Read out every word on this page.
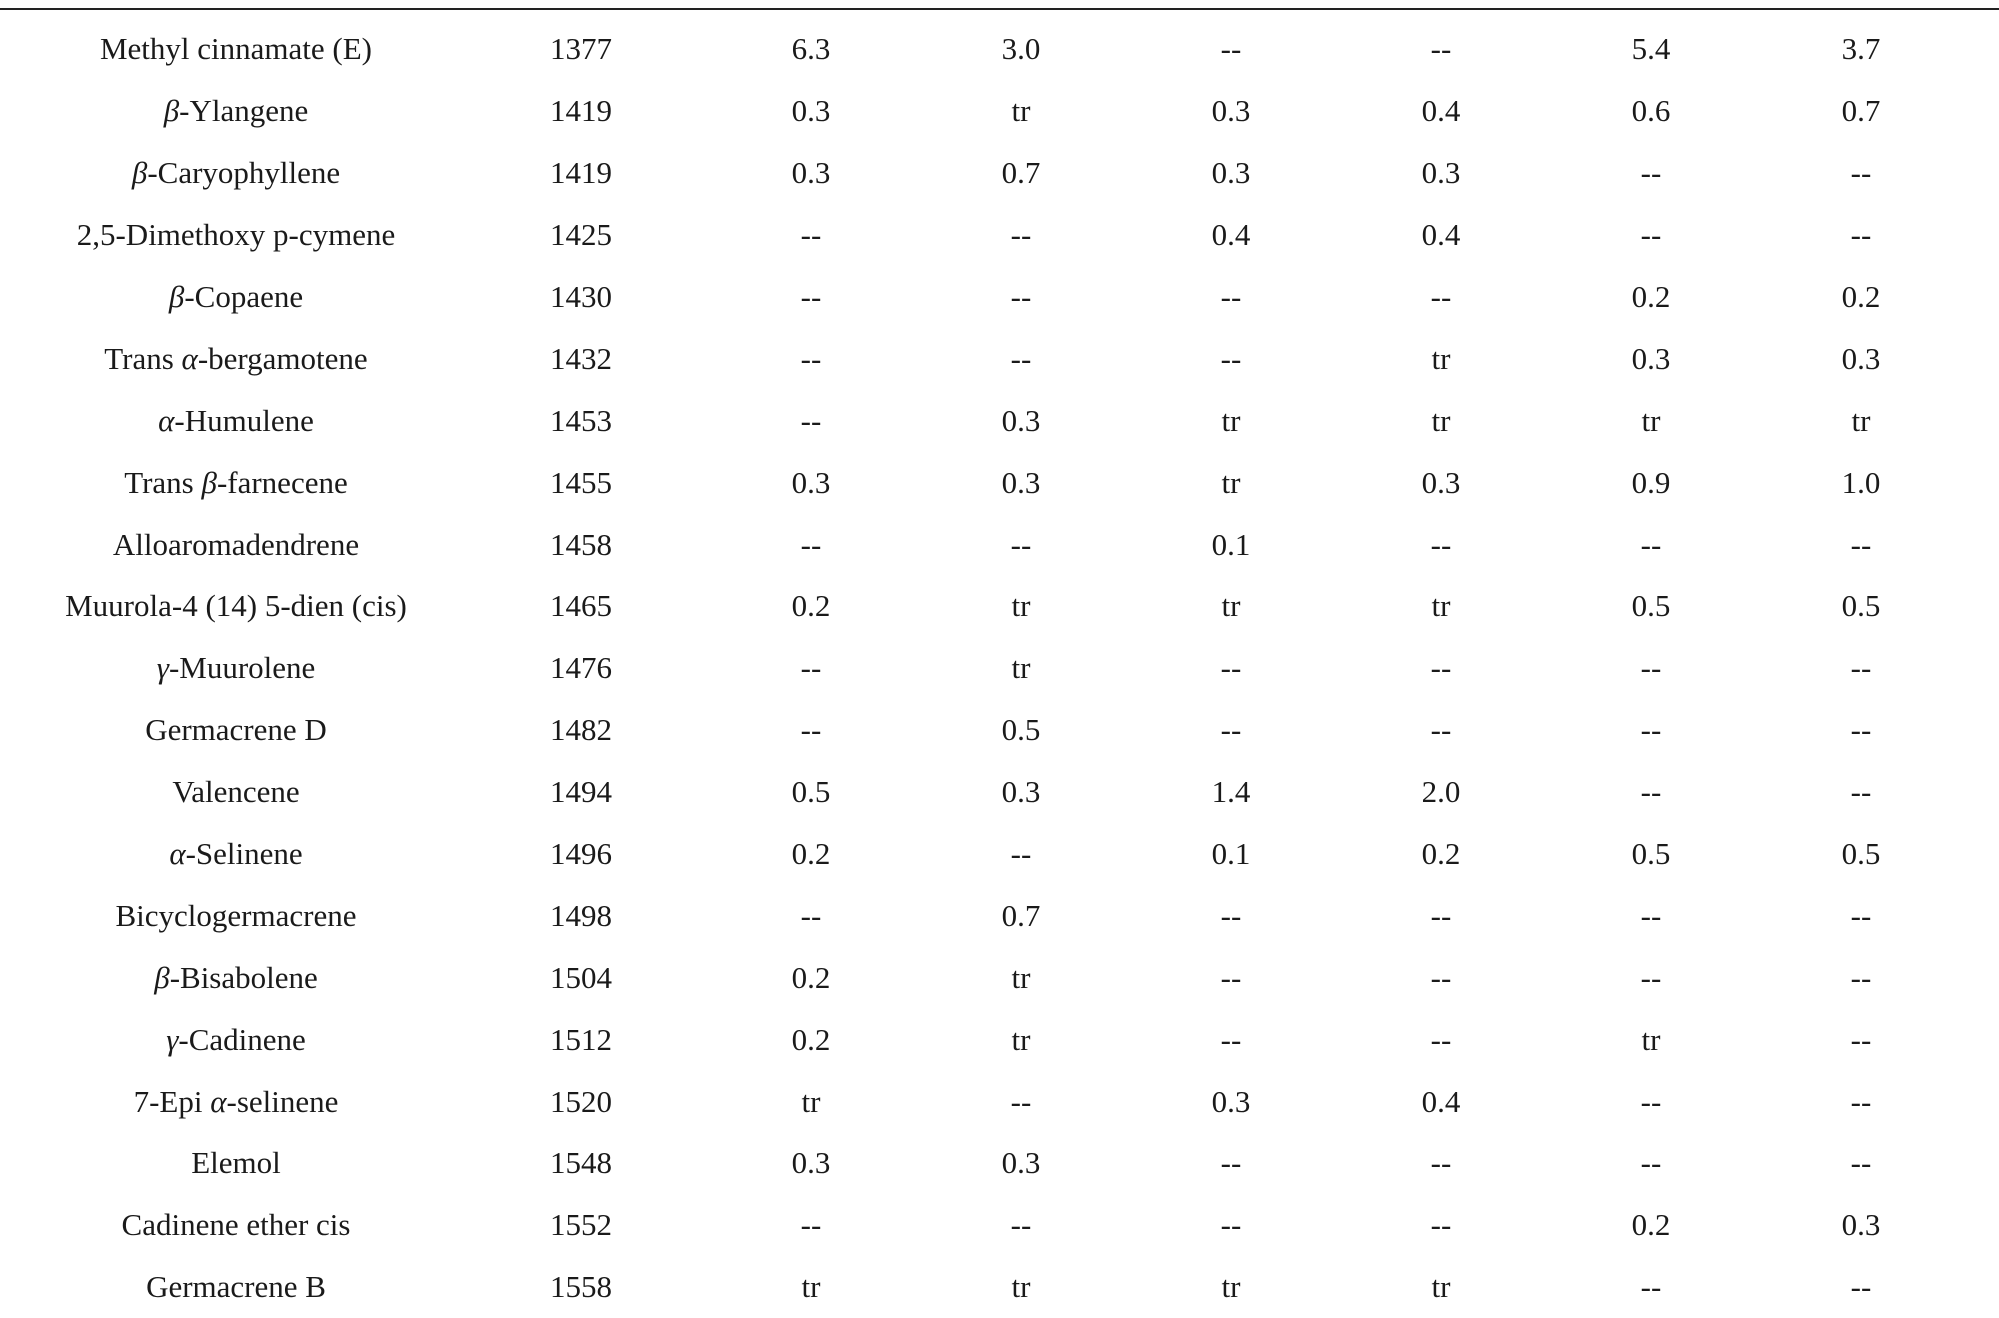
Methyl cinnamate (E)	1377	6.3	3.0	--	--	5.4	3.7
β-Ylangene	1419	0.3	tr	0.3	0.4	0.6	0.7
β-Caryophyllene	1419	0.3	0.7	0.3	0.3	--	--
2,5-Dimethoxy p-cymene	1425	--	--	0.4	0.4	--	--
β-Copaene	1430	--	--	--	--	0.2	0.2
Trans α-bergamotene	1432	--	--	--	tr	0.3	0.3
α-Humulene	1453	--	0.3	tr	tr	tr	tr
Trans β-farnecene	1455	0.3	0.3	tr	0.3	0.9	1.0
Alloaromadendrene	1458	--	--	0.1	--	--	--
Muurola-4 (14) 5-dien (cis)	1465	0.2	tr	tr	tr	0.5	0.5
γ-Muurolene	1476	--	tr	--	--	--	--
Germacrene D	1482	--	0.5	--	--	--	--
Valencene	1494	0.5	0.3	1.4	2.0	--	--
α-Selinene	1496	0.2	--	0.1	0.2	0.5	0.5
Bicyclogermacrene	1498	--	0.7	--	--	--	--
β-Bisabolene	1504	0.2	tr	--	--	--	--
γ-Cadinene	1512	0.2	tr	--	--	tr	--
7-Epi α-selinene	1520	tr	--	0.3	0.4	--	--
Elemol	1548	0.3	0.3	--	--	--	--
Cadinene ether cis	1552	--	--	--	--	0.2	0.3
Germacrene B	1558	tr	tr	tr	tr	--	--
